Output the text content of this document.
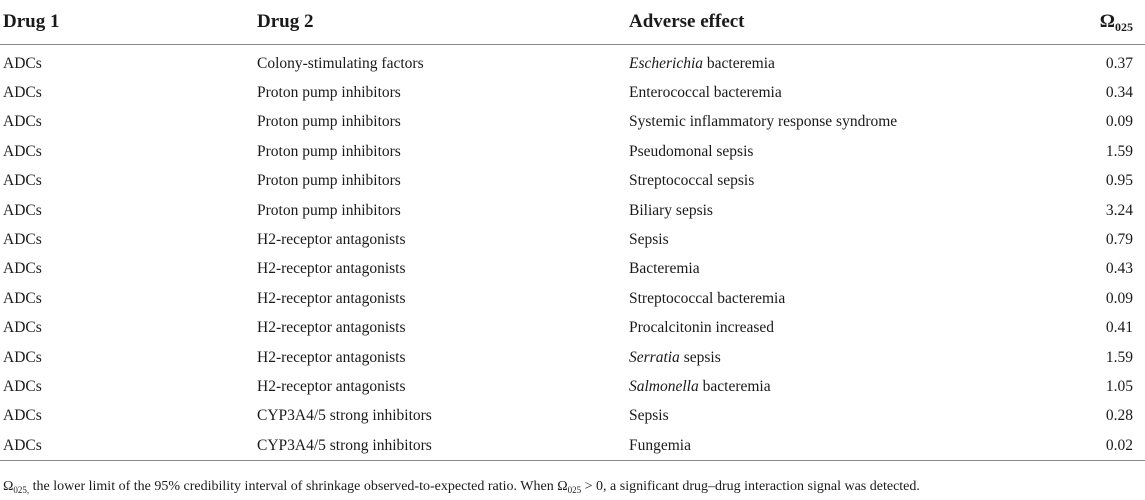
Drug 1	Drug 2	Adverse effect	$\Omega_{025}$
ADCs	Colony-stimulating factors	Escherichia bacteremia	0.37
ADCs	Proton pump inhibitors	Enterococcal bacteremia	0.34
ADCs	Proton pump inhibitors	Systemic inflammatory response syndrome	0.09
ADCs	Proton pump inhibitors	Pseudomonal sepsis	1.59
ADCs	Proton pump inhibitors	Streptococcal sepsis	0.95
ADCs	Proton pump inhibitors	Biliary sepsis	3.24
ADCs	H2-receptor antagonists	Sepsis	0.79
ADCs	H2-receptor antagonists	Bacteremia	0.43
ADCs	H2-receptor antagonists	Streptococcal bacteremia	0.09
ADCs	H2-receptor antagonists	Procalcitonin increased	0.41
ADCs	H2-receptor antagonists	Serratia sepsis	1.59
ADCs	H2-receptor antagonists	Salmonella bacteremia	1.05
ADCs	CYP3A4/5 strong inhibitors	Sepsis	0.28
ADCs	CYP3A4/5 strong inhibitors	Fungemia	0.02
$\Omega_{025,}$ the lower limit of the 95% credibility interval of shrinkage observed-to-expected ratio. When $\Omega_{025} > 0$, a significant drug–drug interaction signal was detected.
